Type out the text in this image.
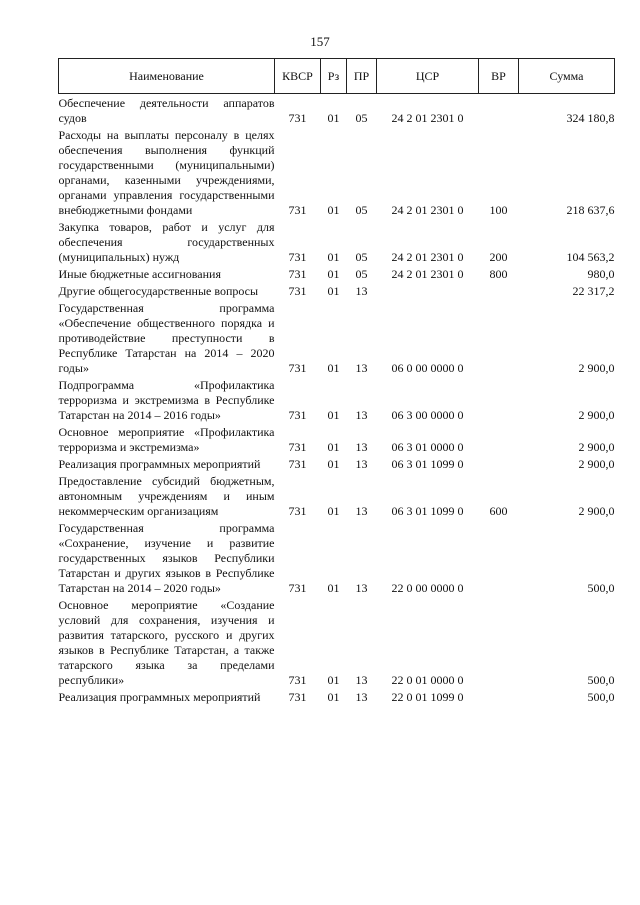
157
Наименование	КВСР	Рз	ПР	ЦСР	ВР	Сумма
Обеспечение деятельности аппаратов судов	731	01	05	24 2 01 2301 0		324 180,8
Расходы на выплаты персоналу в целях обеспечения выполнения функций государственными (муниципальными) органами, казенными учреждениями, органами управления государственными внебюджетными фондами	731	01	05	24 2 01 2301 0	100	218 637,6
Закупка товаров, работ и услуг для обеспечения государственных (муниципальных) нужд	731	01	05	24 2 01 2301 0	200	104 563,2
Иные бюджетные ассигнования	731	01	05	24 2 01 2301 0	800	980,0
Другие общегосударственные вопросы	731	01	13			22 317,2
Государственная программа «Обеспечение общественного порядка и противодействие преступности в Республике Татарстан на 2014 – 2020 годы»	731	01	13	06 0 00 0000 0		2 900,0
Подпрограмма «Профилактика терроризма и экстремизма в Республике Татарстан на 2014 – 2016 годы»	731	01	13	06 3 00 0000 0		2 900,0
Основное мероприятие «Профилактика терроризма и экстремизма»	731	01	13	06 3 01 0000 0		2 900,0
Реализация программных мероприятий	731	01	13	06 3 01 1099 0		2 900,0
Предоставление субсидий бюджетным, автономным учреждениям и иным некоммерческим организациям	731	01	13	06 3 01 1099 0	600	2 900,0
Государственная программа «Сохранение, изучение и развитие государственных языков Республики Татарстан и других языков в Республике Татарстан на 2014 – 2020 годы»	731	01	13	22 0 00 0000 0		500,0
Основное мероприятие «Создание условий для сохранения, изучения и развития татарского, русского и других языков в Республике Татарстан, а также татарского языка за пределами республики»	731	01	13	22 0 01 0000 0		500,0
Реализация программных мероприятий	731	01	13	22 0 01 1099 0		500,0
